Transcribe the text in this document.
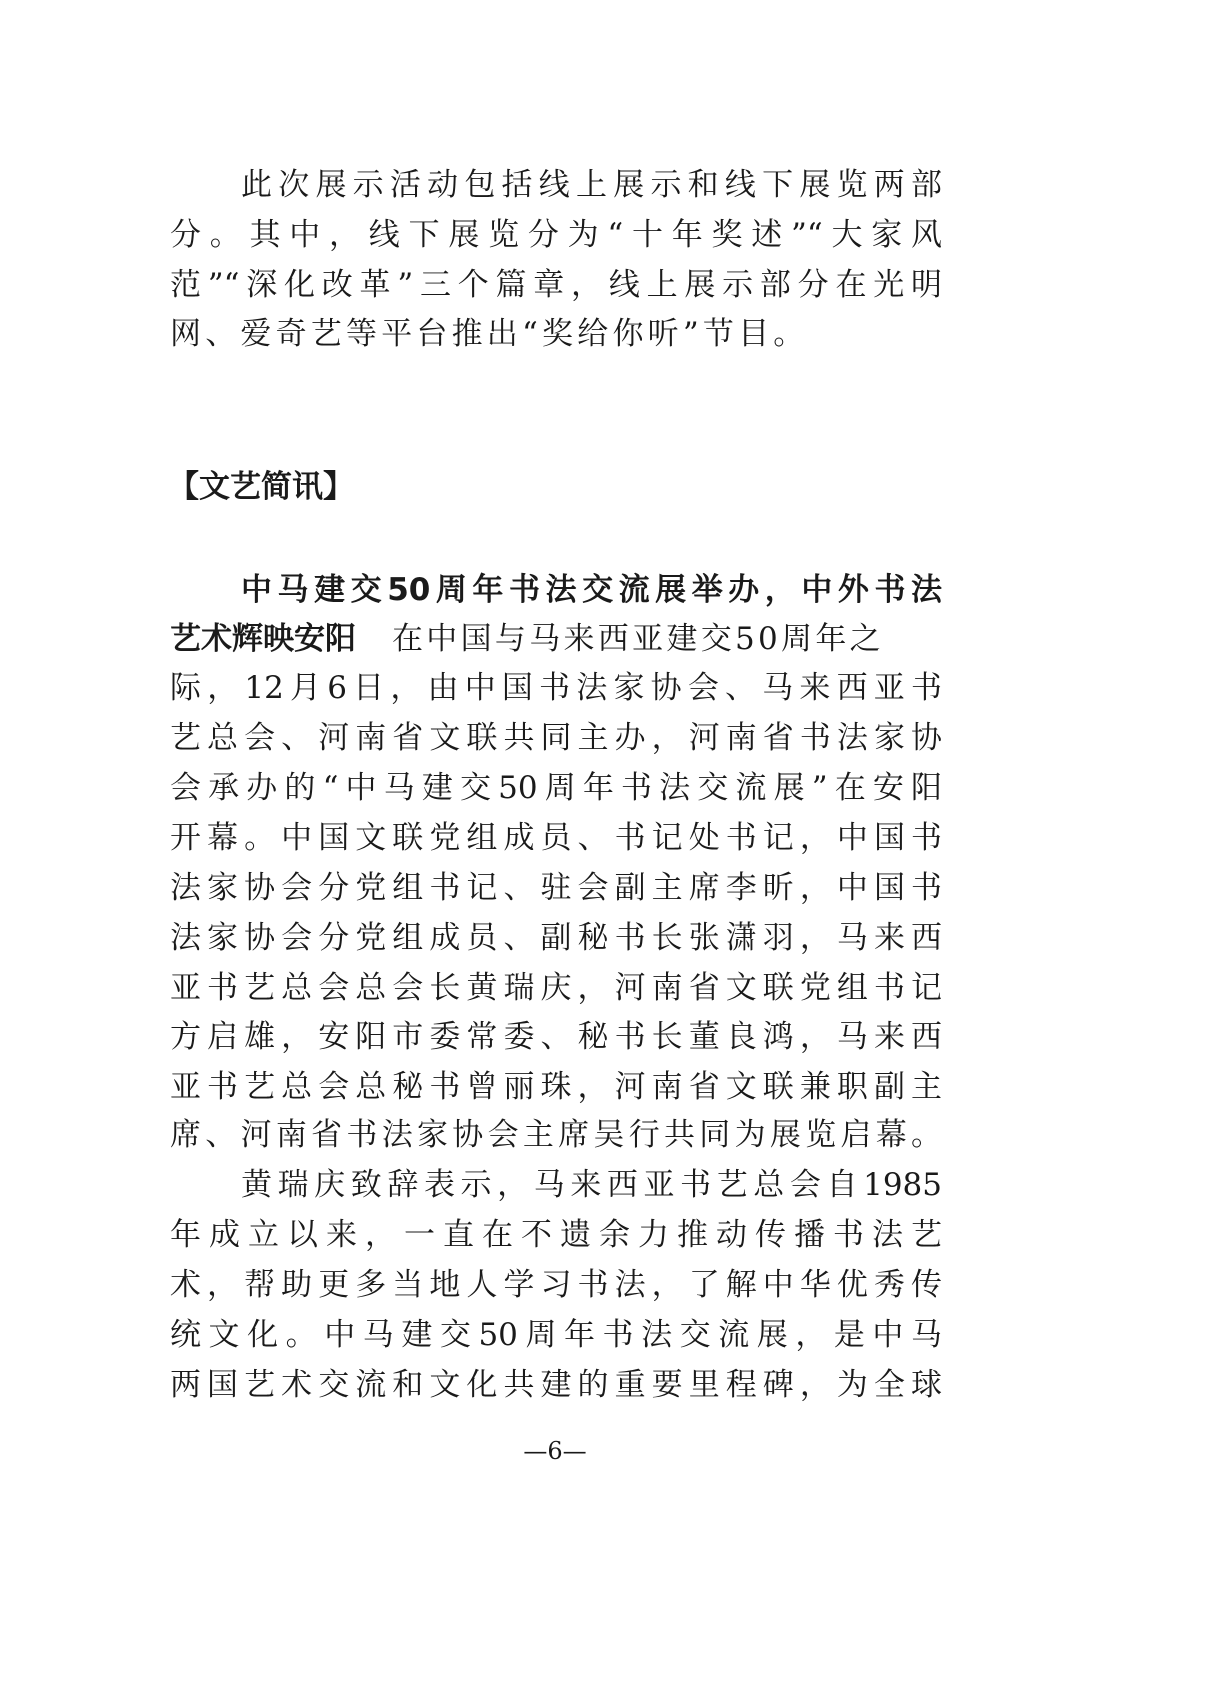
此次展示活动包括线上展示和线下展览两部
分。其中，线下展览分为“十年奖述”“大家风
范”“深化改革”三个篇章，线上展示部分在光明
网、爱奇艺等平台推出“奖给你听”节目。
【文艺简讯】
中马建交50周年书法交流展举办，中外书法
艺术辉映安阳 在中国与马来西亚建交50周年之
际，12月6日，由中国书法家协会、马来西亚书
艺总会、河南省文联共同主办，河南省书法家协
会承办的“中马建交50周年书法交流展”在安阳
开幕。中国文联党组成员、书记处书记，中国书
法家协会分党组书记、驻会副主席李昕，中国书
法家协会分党组成员、副秘书长张潇羽，马来西
亚书艺总会总会长黄瑞庆，河南省文联党组书记
方启雄，安阳市委常委、秘书长董良鸿，马来西
亚书艺总会总秘书曾丽珠，河南省文联兼职副主
席、河南省书法家协会主席吴行共同为展览启幕。
黄瑞庆致辞表示，马来西亚书艺总会自1985
年成立以来，一直在不遗余力推动传播书法艺
术，帮助更多当地人学习书法，了解中华优秀传
统文化。中马建交50周年书法交流展，是中马
两国艺术交流和文化共建的重要里程碑，为全球
—6—
